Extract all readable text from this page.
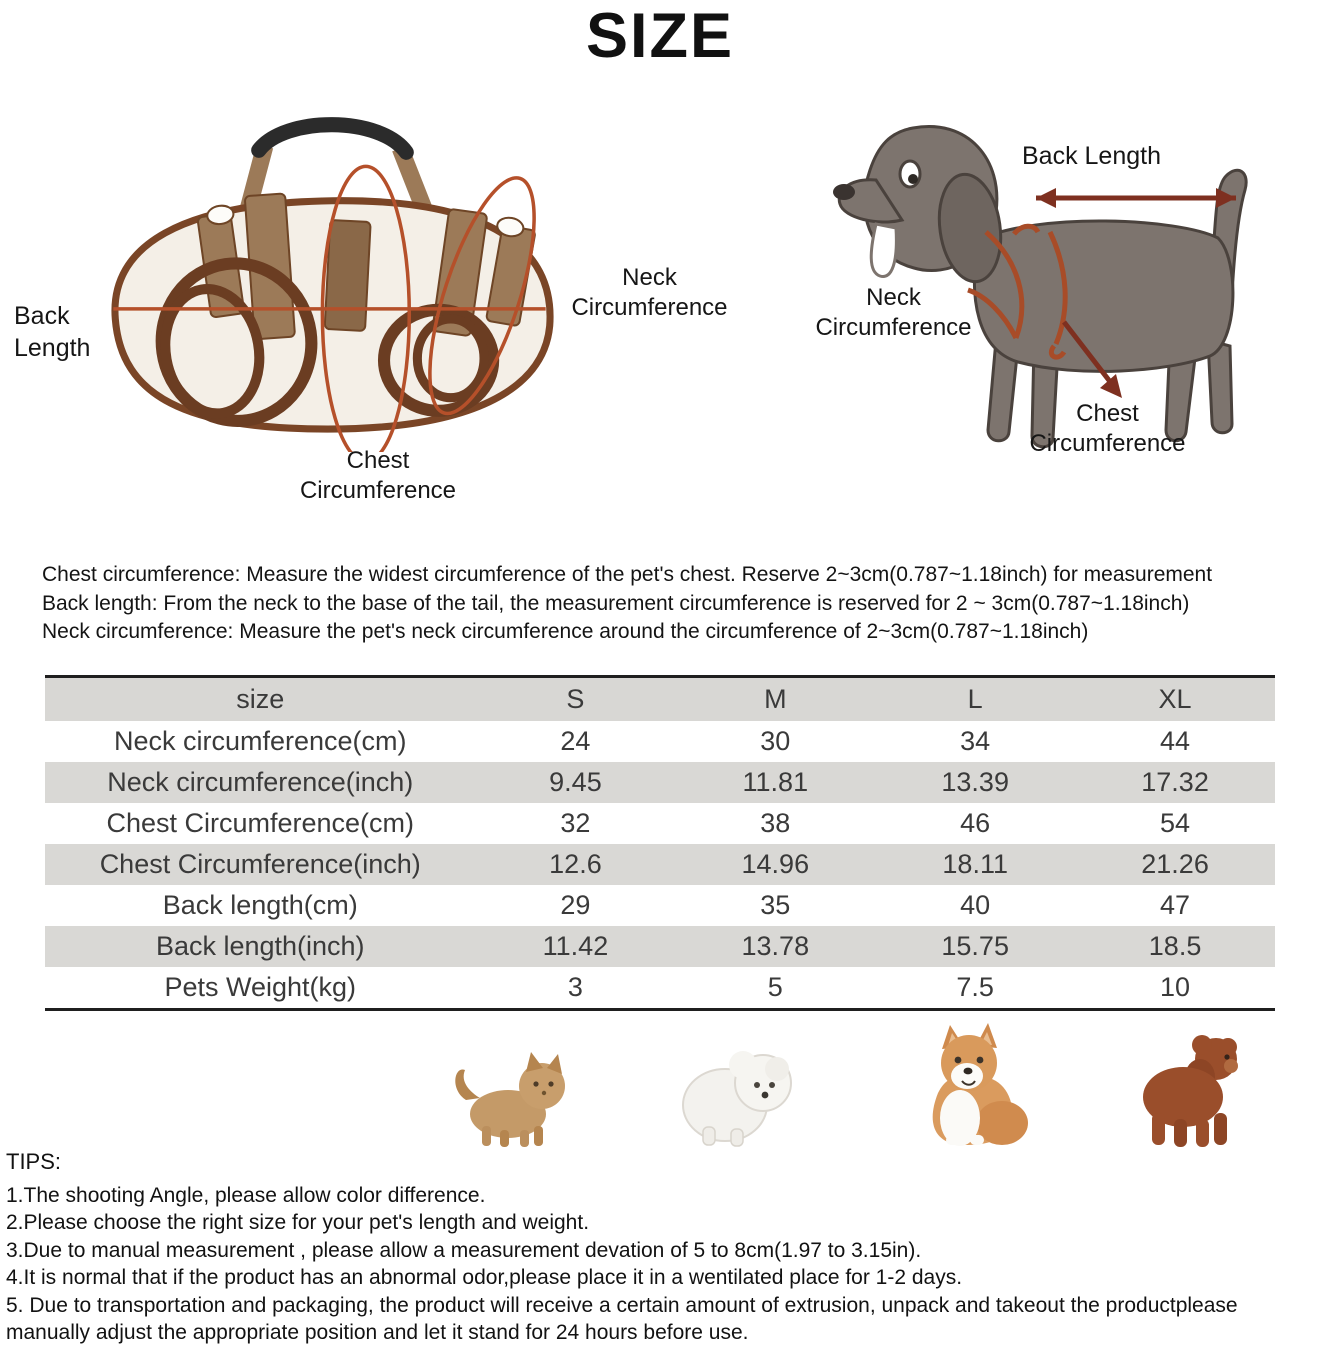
SIZE
Back Length
Neck Circumference
Chest Circumference
Back Length
Neck Circumference
Chest Circumference
Chest circumference: Measure the widest circumference of the pet's chest. Reserve 2~3cm(0.787~1.18inch) for measurement
Back length: From the neck to the base of the tail, the measurement circumference is reserved for 2 ~ 3cm(0.787~1.18inch)
Neck circumference: Measure the pet's neck circumference around the circumference of 2~3cm(0.787~1.18inch)
size	S	M	L	XL
Neck circumference(cm)	24	30	34	44
Neck circumference(inch)	9.45	11.81	13.39	17.32
Chest Circumference(cm)	32	38	46	54
Chest Circumference(inch)	12.6	14.96	18.11	21.26
Back length(cm)	29	35	40	47
Back length(inch)	11.42	13.78	15.75	18.5
Pets Weight(kg)	3	5	7.5	10
TIPS:
1.The shooting Angle, please allow color difference.
2.Please choose the right size for your pet's length and weight.
3.Due to manual measurement , please allow a measurement devation of 5 to 8cm(1.97 to 3.15in).
4.It is normal that if the product has an abnormal odor,please place it in a wentilated place for 1-2 days.
5. Due to transportation and packaging, the product will receive a certain amount of extrusion, unpack and takeout the productplease manually adjust the appropriate position and let it stand for 24 hours before use.
